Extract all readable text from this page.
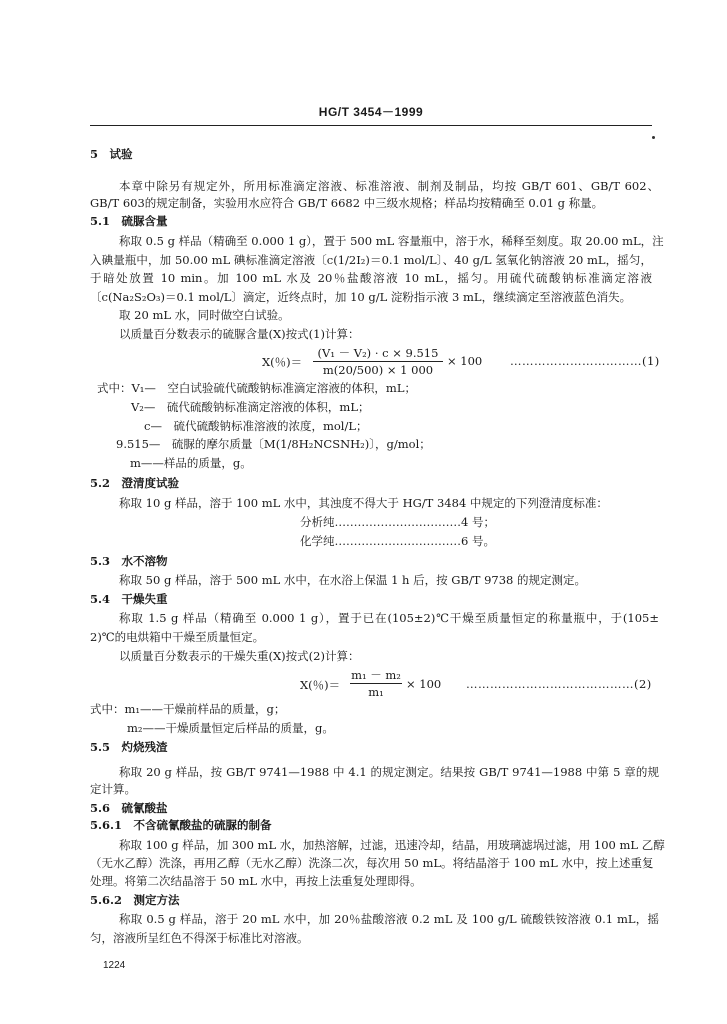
HG/T 3454－1999
5　试验
本章中除另有规定外，所用标准滴定溶液、标准溶液、制剂及制品，均按 GB/T 601、GB/T 602、
GB/T 603的规定制备，实验用水应符合 GB/T 6682 中三级水规格；样品均按精确至 0.01 g 称量。
5.1　硫脲含量
称取 0.5 g 样品（精确至 0.000 1 g），置于 500 mL 容量瓶中，溶于水，稀释至刻度。取 20.00 mL，注
入碘量瓶中，加 50.00 mL 碘标准滴定溶液〔c(1/2I₂)＝0.1 mol/L〕、40 g/L 氢氧化钠溶液 20 mL，摇匀，
于暗处放置 10 min。加 100 mL 水及 20％盐酸溶液 10 mL，摇匀。用硫代硫酸钠标准滴定溶液
〔c(Na₂S₂O₃)＝0.1 mol/L〕滴定，近终点时，加 10 g/L 淀粉指示液 3 mL，继续滴定至溶液蓝色消失。
取 20 mL 水，同时做空白试验。
以质量百分数表示的硫脲含量(X)按式(1)计算：
X(％)＝
(V₁ － V₂) · c × 9.515
m(20/500) × 1 000
× 100 ……………………………(1)
式中：V₁—　空白试验硫代硫酸钠标准滴定溶液的体积，mL；
V₂—　硫代硫酸钠标准滴定溶液的体积，mL；
c—　硫代硫酸钠标准溶液的浓度，mol/L；
9.515—　硫脲的摩尔质量〔M(1/8H₂NCSNH₂)〕，g/mol；
m——样品的质量，g。
5.2　澄清度试验
称取 10 g 样品，溶于 100 mL 水中，其浊度不得大于 HG/T 3484 中规定的下列澄清度标准：
分析纯……………………………4 号；
化学纯……………………………6 号。
5.3　水不溶物
称取 50 g 样品，溶于 500 mL 水中，在水浴上保温 1 h 后，按 GB/T 9738 的规定测定。
5.4　干燥失重
称取 1.5 g 样品（精确至 0.000 1 g），置于已在(105±2)℃干燥至质量恒定的称量瓶中，于(105±
2)℃的电烘箱中干燥至质量恒定。
以质量百分数表示的干燥失重(X)按式(2)计算：
X(％)＝
m₁ － m₂
m₁
× 100 ……………………………………(2)
式中：m₁——干燥前样品的质量，g；
m₂——干燥质量恒定后样品的质量，g。
5.5　灼烧残渣
称取 20 g 样品，按 GB/T 9741—1988 中 4.1 的规定测定。结果按 GB/T 9741—1988 中第 5 章的规
定计算。
5.6　硫氰酸盐
5.6.1　不含硫氰酸盐的硫脲的制备
称取 100 g 样品，加 300 mL 水，加热溶解，过滤，迅速冷却，结晶，用玻璃滤埚过滤，用 100 mL 乙醇
（无水乙醇）洗涤，再用乙醇（无水乙醇）洗涤二次，每次用 50 mL。将结晶溶于 100 mL 水中，按上述重复
处理。将第二次结晶溶于 50 mL 水中，再按上法重复处理即得。
5.6.2　测定方法
称取 0.5 g 样品，溶于 20 mL 水中，加 20％盐酸溶液 0.2 mL 及 100 g/L 硫酸铁铵溶液 0.1 mL，摇
匀，溶液所呈红色不得深于标准比对溶液。
1224
